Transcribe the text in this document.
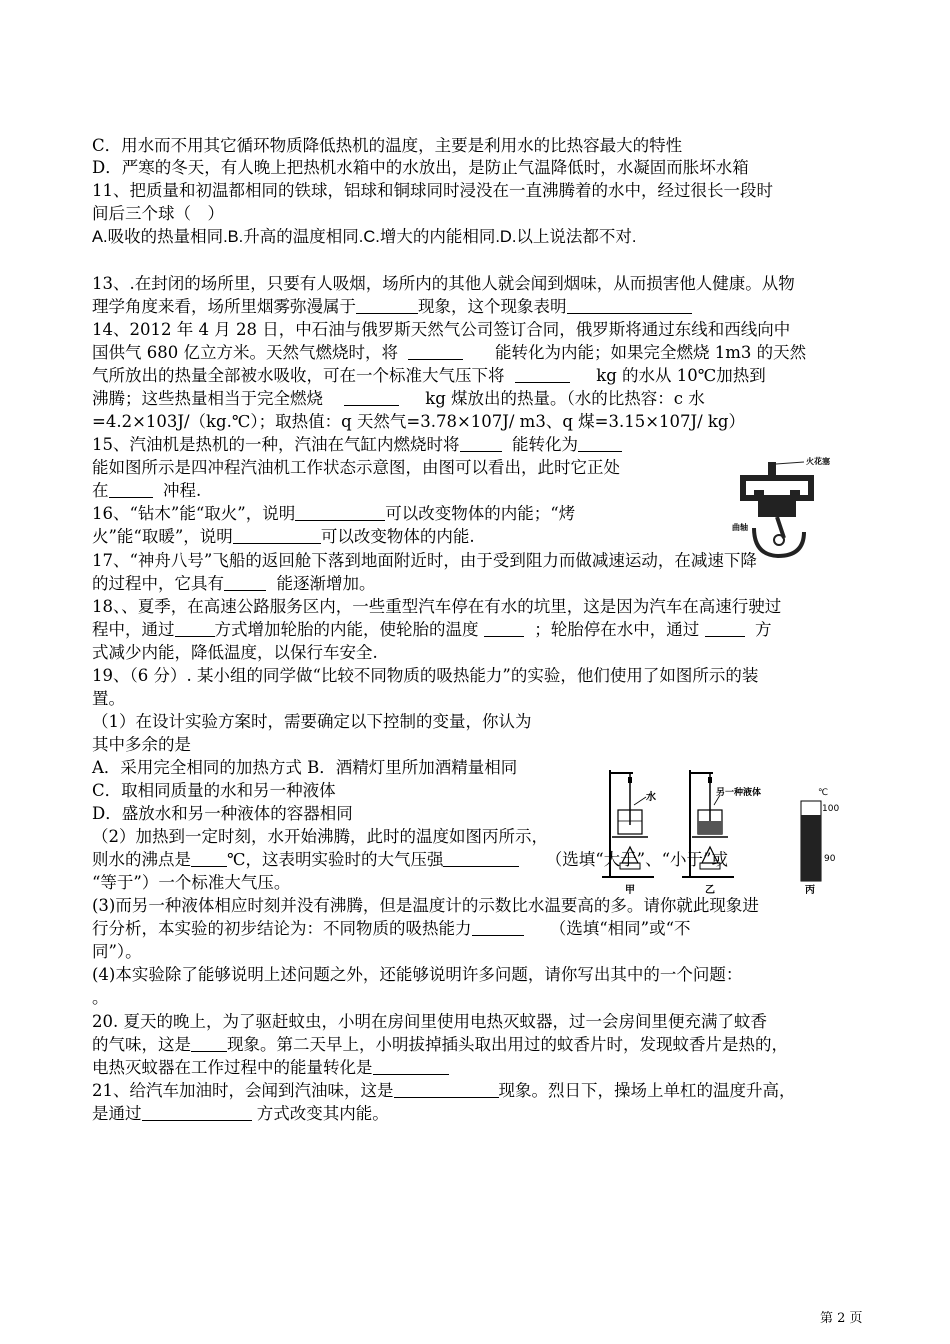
C．用水而不用其它循环物质降低热机的温度，主要是利用水的比热容最大的特性
D．严寒的冬天，有人晚上把热机水箱中的水放出，是防止气温降低时，水凝固而胀坏水箱
11、把质量和初温都相同的铁球，铝球和铜球同时浸没在一直沸腾着的水中，经过很长一段时
间后三个球（　）
A.吸收的热量相同.B.升高的温度相同.C.增大的内能相同.D.以上说法都不对.
13、.在封闭的场所里，只要有人吸烟，场所内的其他人就会闻到烟味，从而损害他人健康。从物
理学角度来看，场所里烟雾弥漫属于	现象，这个现象表明
14、2012 年 4 月 28 日，中石油与俄罗斯天然气公司签订合同，俄罗斯将通过东线和西线向中
国供气 680 亿立方米。天然气燃烧时，将	能转化为内能；如果完全燃烧 1m3 的天然
气所放出的热量全部被水吸收，可在一个标准大气压下将	kg 的水从 10℃加热到
沸腾；这些热量相当于完全燃烧	kg 煤放出的热量。（水的比热容：c 水
=4.2×103J/（kg.℃）；取热值：q 天然气=3.78×107J/ m3、q 煤=3.15×107J/ kg）
15、汽油机是热机的一种，汽油在气缸内燃烧时将	能转化为
能如图所示是四冲程汽油机工作状态示意图，由图可以看出，此时它正处
在	冲程.
16、“钻木”能“取火”，说明	可以改变物体的内能；“烤
火”能“取暖”，说明	可以改变物体的内能.
17、“神舟八号”飞船的返回舱下落到地面附近时，由于受到阻力而做减速运动，在减速下降
的过程中，它具有	能逐渐增加。
18、、夏季，在高速公路服务区内，一些重型汽车停在有水的坑里，这是因为汽车在高速行驶过
程中，通过 方式增加轮胎的内能，使轮胎的温度	；轮胎停在水中，通过	方
式减少内能，降低温度，以保行车安全.
19、（6 分）. 某小组的同学做“比较不同物质的吸热能力”的实验，他们使用了如图所示的装
置。
（1）在设计实验方案时，需要确定以下控制的变量，你认为
其中多余的是
A．采用完全相同的加热方式 B．酒精灯里所加酒精量相同
C．取相同质量的水和另一种液体
D．盛放水和另一种液体的容器相同
（2）加热到一定时刻，水开始沸腾，此时的温度如图丙所示，
则水的沸点是 ℃，这表明实验时的大气压强	（选填“大于”、“小于”或
“等于”）一个标准大气压。
(3)而另一种液体相应时刻并没有沸腾，但是温度计的示数比水温要高的多。请你就此现象进
行分析，本实验的初步结论为：不同物质的吸热能力	（选填“相同”或“不
同”）。
(4)本实验除了能够说明上述问题之外，还能够说明许多问题，请你写出其中的一个问题：
。
20. 夏天的晚上，为了驱赶蚊虫，小明在房间里使用电热灭蚊器，过一会房间里便充满了蚊香
的气味，这是 现象。第二天早上，小明拔掉插头取出用过的蚊香片时，发现蚊香片是热的，
电热灭蚊器在工作过程中的能量转化是
21、给汽车加油时，会闻到汽油味，这是	现象。烈日下，操场上单杠的温度升高，
是通过	方式改变其内能。
火花塞
曲轴
水
甲
另一种液体
乙
℃
100
90
丙
第 2 页
